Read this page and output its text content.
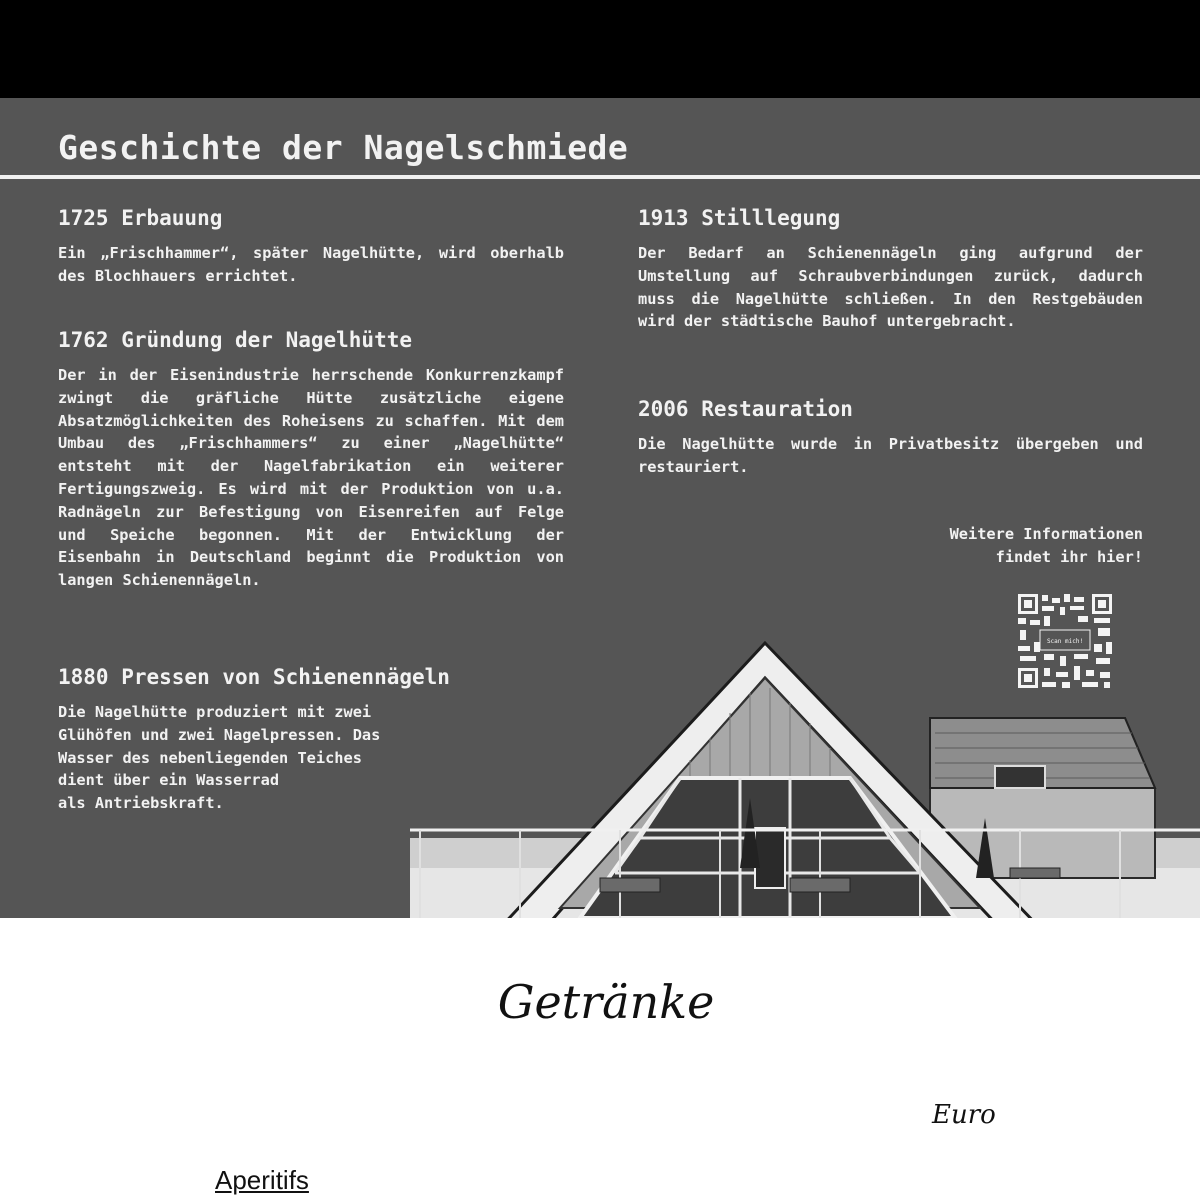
Geschichte der Nagelschmiede
1725 Erbauung

Ein „Frischhammer“, später Nagelhütte, wird oberhalb des Blochhauers errichtet.

1762 Gründung der Nagelhütte

Der in der Eisenindustrie herrschende Konkurrenzkampf zwingt die gräfliche Hütte zusätzliche eigene Absatzmöglichkeiten des Roheisens zu schaffen. Mit dem Umbau des „Frischhammers“ zu einer „Nagelhütte“ entsteht mit der Nagelfabrikation ein weiterer Fertigungszweig. Es wird mit der Produktion von u.a. Radnägeln zur Befestigung von Eisenreifen auf Felge und Speiche begonnen. Mit der Entwicklung der Eisenbahn in Deutschland beginnt die Produktion von langen Schienennägeln.

1880 Pressen von Schienennägeln

Die Nagelhütte produziert mit zwei
Glühöfen und zwei Nagelpressen. Das
Wasser des nebenliegenden Teiches
dient über ein Wasserrad
als Antriebskraft.

1913 Stilllegung

Der Bedarf an Schienennägeln ging aufgrund der Umstellung auf Schraubverbindungen zurück, dadurch muss die Nagelhütte schließen. In den Restgebäuden wird der städtische Bauhof untergebracht.

2006 Restauration

Die Nagelhütte wurde in Privatbesitz übergeben und restauriert.

Weitere Informationen
findet ihr hier!
Scan mich!
Getränke
Euro
Aperitifs
